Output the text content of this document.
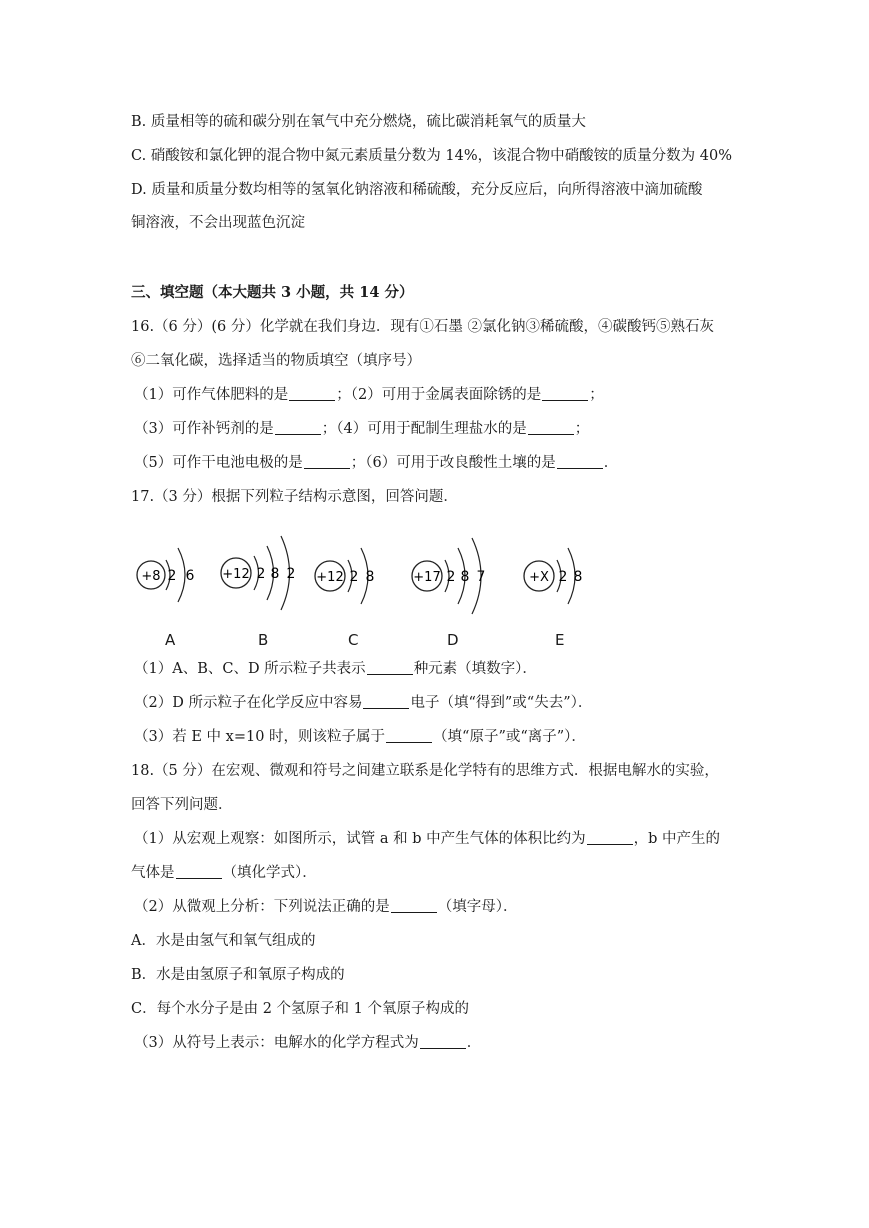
B. 质量相等的硫和碳分别在氧气中充分燃烧，硫比碳消耗氧气的质量大
C. 硝酸铵和氯化钾的混合物中氮元素质量分数为 14%，该混合物中硝酸铵的质量分数为 40%
D. 质量和质量分数均相等的氢氧化钠溶液和稀硫酸，充分反应后，向所得溶液中滴加硫酸
铜溶液，不会出现蓝色沉淀
三、填空题（本大题共 3 小题，共 14 分）
16.（6 分）(6 分）化学就在我们身边．现有①石墨 ②氯化钠③稀硫酸，④碳酸钙⑤熟石灰
⑥二氧化碳，选择适当的物质填空（填序号）
（1）可作气体肥料的是	；（2）可用于金属表面除锈的是	；
（3）可作补钙剂的是	；（4）可用于配制生理盐水的是	；
（5）可作干电池电极的是	；（6）可用于改良酸性土壤的是	．
17.（3 分）根据下列粒子结构示意图，回答问题．
+8 2 6 +12 2 8 2 +12 2 8	+17 2 8 7	+X 2 8
A	B	C	D	E
（1）A、B、C、D 所示粒子共表示	种元素（填数字）．
（2）D 所示粒子在化学反应中容易	电子（填“得到”或“失去”）．
（3）若 E 中 x=10 时，则该粒子属于	（填“原子”或“离子”）．
18.（5 分）在宏观、微观和符号之间建立联系是化学特有的思维方式．根据电解水的实验，
回答下列问题．
（1）从宏观上观察：如图所示，试管 a 和 b 中产生气体的体积比约为	，b 中产生的
气体是	（填化学式）．
（2）从微观上分析：下列说法正确的是	（填字母）．
A．水是由氢气和氧气组成的
B．水是由氢原子和氧原子构成的
C．每个水分子是由 2 个氢原子和 1 个氧原子构成的
（3）从符号上表示：电解水的化学方程式为	．
